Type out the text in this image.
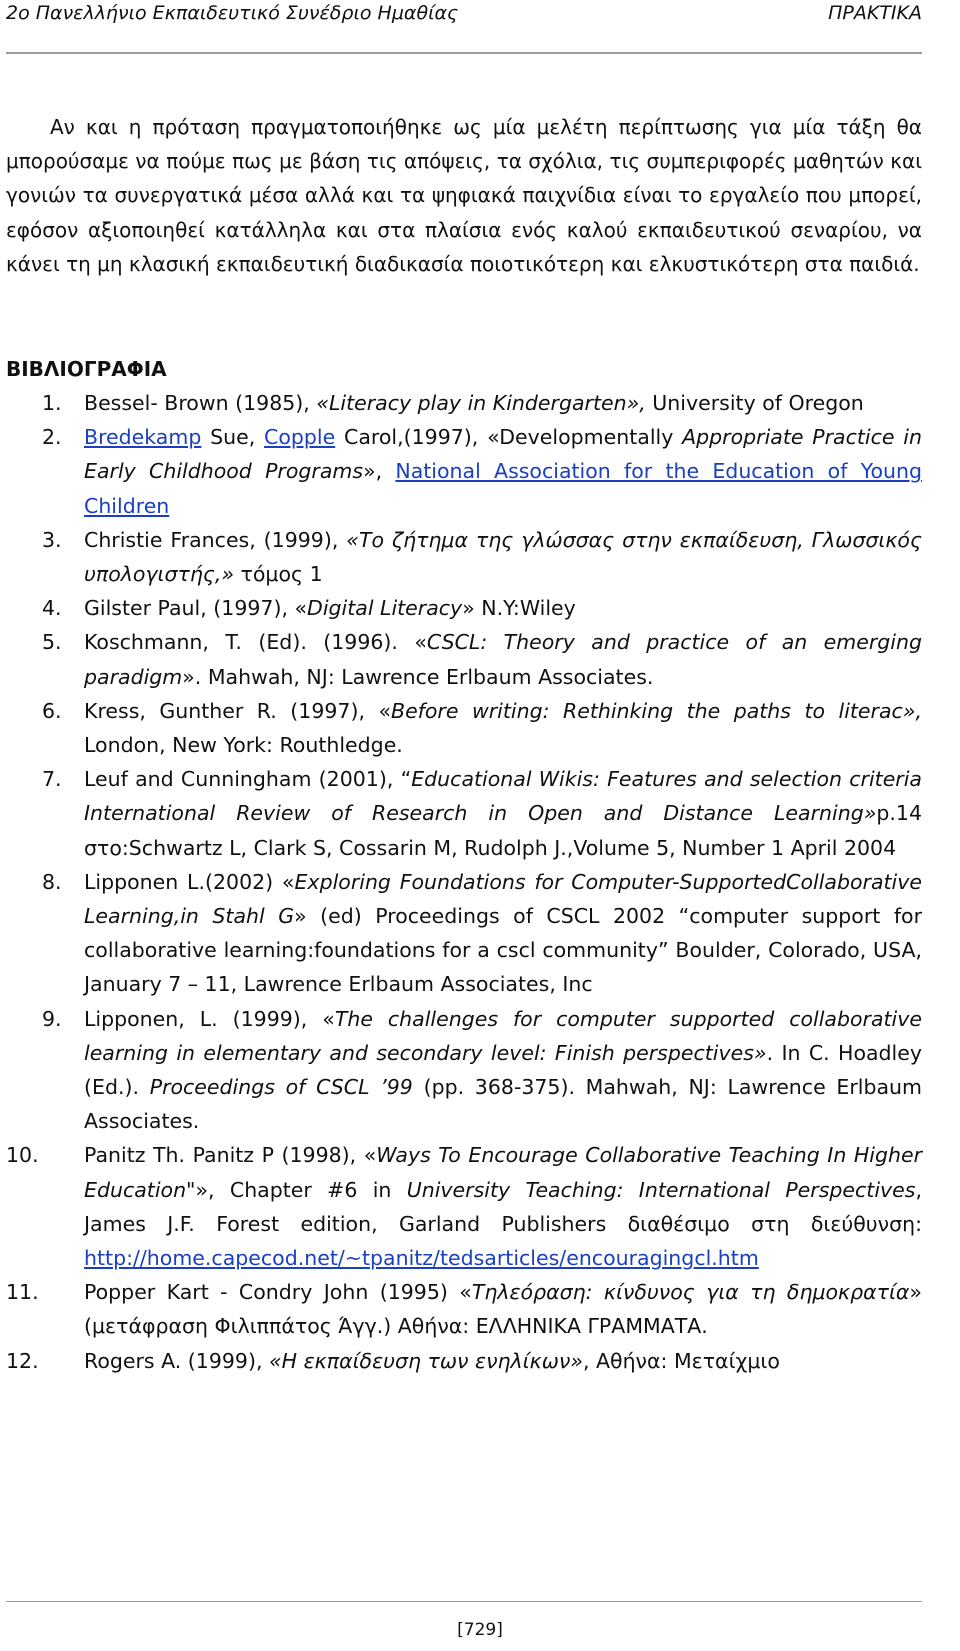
2ο Πανελλήνιο Εκπαιδευτικό Συνέδριο Ημαθίας	ΠΡΑΚΤΙΚΑ

Αν και η πρόταση πραγματοποιήθηκε ως μία μελέτη περίπτωσης για μία τάξη θα μπορούσαμε να πούμε πως με βάση τις απόψεις, τα σχόλια, τις συμπεριφορές μαθητών και γονιών τα συνεργατικά μέσα αλλά και τα ψηφιακά παιχνίδια είναι το εργαλείο που μπορεί, εφόσον αξιοποιηθεί κατάλληλα και στα πλαίσια ενός καλού εκπαιδευτικού σεναρίου, να κάνει τη μη κλασική εκπαιδευτική διαδικασία ποιοτικότερη και ελκυστικότερη στα παιδιά.

ΒΙΒΛΙΟΓΡΑΦΙΑ
1. Bessel- Brown (1985), «Literacy play in Kindergarten», University of Oregon
2. Bredekamp Sue, Copple Carol,(1997), «Developmentally Appropriate Practice in Early Childhood Programs», National Association for the Education of Young Children
3. Christie Frances, (1999), «Το ζήτημα της γλώσσας στην εκπαίδευση, Γλωσσικός υπολογιστής,» τόμος 1
4. Gilster Paul, (1997), «Digital Literacy» N.Y:Wiley
5. Koschmann, T. (Ed). (1996). «CSCL: Theory and practice of an emerging paradigm». Mahwah, NJ: Lawrence Erlbaum Associates.
6. Kress, Gunther R. (1997), «Before writing: Rethinking the paths to literac», London, New York: Routhledge.
7. Leuf and Cunningham (2001), “Educational Wikis: Features and selection criteria International Review of Research in Open and Distance Learning»p.14 στο:Schwartz L, Clark S, Cossarin M, Rudolph J.,Volume 5, Number 1 April 2004
8. Lipponen L.(2002) «Exploring Foundations for Computer-SupportedCollaborative Learning,in Stahl G» (ed) Proceedings of CSCL 2002 “computer support for collaborative learning:foundations for a cscl community” Boulder, Colorado, USA, January 7 – 11, Lawrence Erlbaum Associates, Inc
9. Lipponen, L. (1999), «The challenges for computer supported collaborative learning in elementary and secondary level: Finish perspectives». In C. Hoadley (Ed.). Proceedings of CSCL ’99 (pp. 368-375). Mahwah, NJ: Lawrence Erlbaum Associates.
10. Panitz Th. Panitz P (1998), «Ways To Encourage Collaborative Teaching In Higher Education"», Chapter #6 in University Teaching: International Perspectives, James J.F. Forest edition, Garland Publishers διαθέσιμο στη διεύθυνση: http://home.capecod.net/~tpanitz/tedsarticles/encouragingcl.htm
11. Popper Kart - Condry John (1995) «Τηλεόραση: κίνδυνος για τη δημοκρατία» (μετάφραση Φιλιππάτος Άγγ.) Αθήνα: ΕΛΛΗΝΙΚΑ ΓΡΑΜΜΑΤΑ.
12. Rogers A. (1999), «Η εκπαίδευση των ενηλίκων», Αθήνα: Μεταίχμιο
[729]
